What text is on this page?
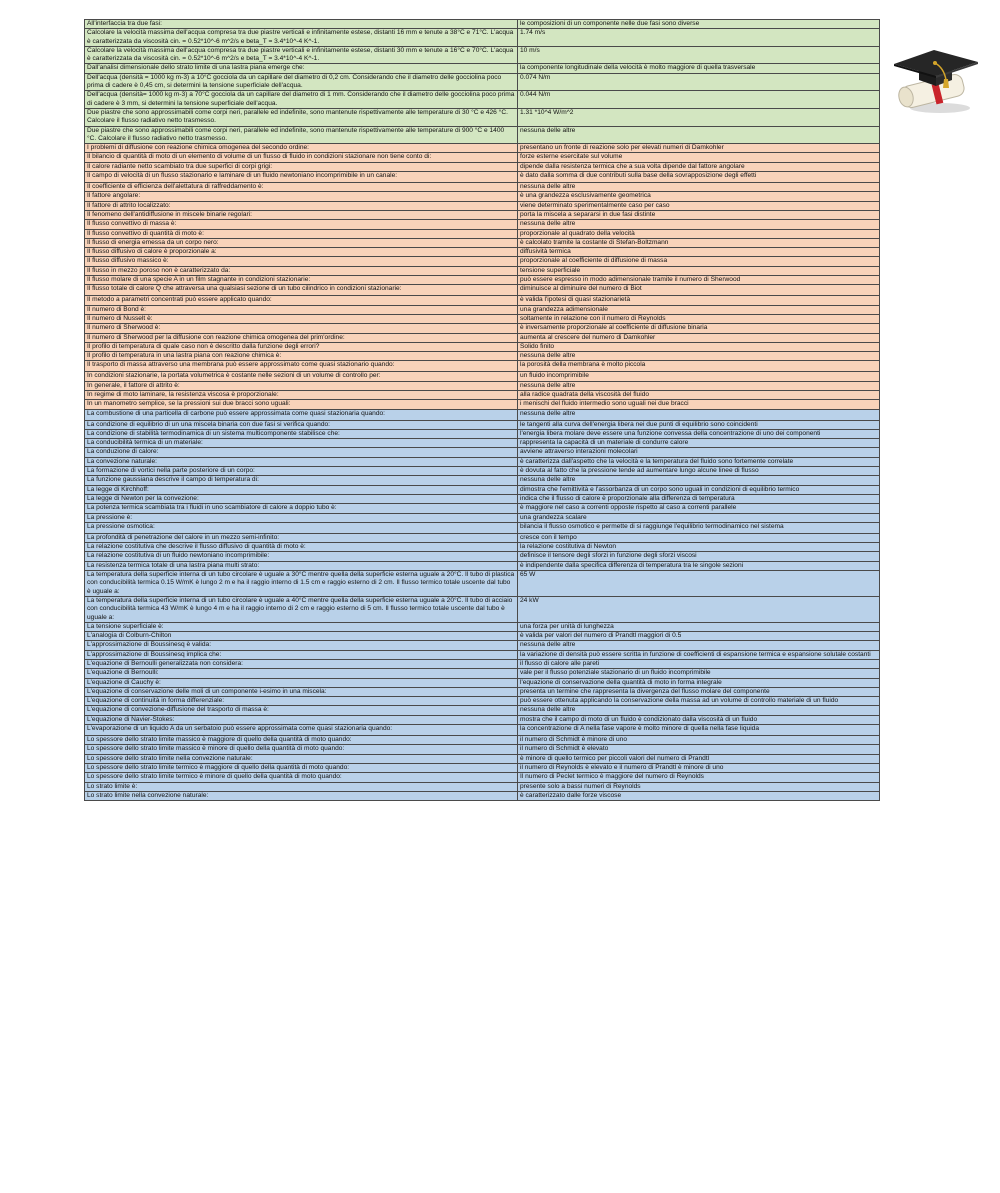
All'interfaccia tra due fasi:	le composizioni di un componente nelle due fasi sono diverse
Calcolare la velocità massima dell'acqua compresa tra due piastre verticali e infinitamente estese, distanti 16 mm e tenute a 38°C e 71°C. L'acqua è caratterizzata da viscosità cin. = 0.52*10^-6 m^2/s e beta_T = 3.4*10^-4 K^-1.	1.74 m/s
Calcolare la velocità massima dell'acqua compresa tra due piastre verticali e infinitamente estese, distanti 30 mm e tenute a 16°C e 70°C. L'acqua è caratterizzata da viscosità cin. = 0.52*10^-6 m^2/s e beta_T = 3.4*10^-4 K^-1.	10 m/s
Dall'analisi dimensionale dello strato limite di una lastra piana emerge che:	la componente longitudinale della velocità è molto maggiore di quella trasversale
Dell'acqua (densità = 1000 kg m-3) a 10°C gocciola da un capillare del diametro di 0,2 cm. Considerando che il diametro delle gocciolina poco prima di cadere è 0,45 cm, si determini la tensione superficiale dell'acqua.	0.074 N/m
Dell'acqua (densità= 1000 kg m-3) a 70°C gocciola da un capillare del diametro di 1 mm. Considerando che il diametro delle gocciolina poco prima di cadere è 3 mm, si determini la tensione superficiale dell'acqua.	0.044 N/m
Due piastre che sono approssimabili come corpi neri, parallele ed indefinite, sono mantenute rispettivamente alle temperature di 30 °C e 426 °C. Calcolare il flusso radiativo netto trasmesso.	1.31 *10^4 W/m^2
Due piastre che sono approssimabili come corpi neri, parallele ed indefinite, sono mantenute rispettivamente alle temperature di 900 °C e 1400 °C. Calcolare il flusso radiativo netto trasmesso.	nessuna delle altre
I problemi di diffusione con reazione chimica omogenea del secondo ordine:	presentano un fronte di reazione solo per elevati numeri di Damkohler
Il bilancio di quantità di moto di un elemento di volume di un flusso di fluido in condizioni stazionare non tiene conto di:	forze esterne esercitate sul volume
Il calore radiante netto scambiato tra due superfici di corpi grigi:	dipende dalla resistenza termica che a sua volta dipende dal fattore angolare
Il campo di velocità di un flusso stazionario e laminare di un fluido newtoniano incomprimibile in un canale:	è dato dalla somma di due contributi sulla base della sovrapposizione degli effetti
Il coefficiente di efficienza dell'alettatura di raffreddamento è:	nessuna delle altre
Il fattore angolare:	è una grandezza esclusivamente geometrica
Il fattore di attrito localizzato:	viene determinato sperimentalmente caso per caso
Il fenomeno dell'antidiffusione in miscele binarie regolari:	porta la miscela a separarsi in due fasi distinte
Il flusso convettivo di massa è:	nessuna delle altre
Il flusso convettivo di quantità di moto è:	proporzionale al quadrato della velocità
Il flusso di energia emessa da un corpo nero:	è calcolato tramite la costante di Stefan-Boltzmann
Il flusso diffusivo di calore è proporzionale a:	diffusività termica
Il flusso diffusivo massico è:	proporzionale al coefficiente di diffusione di massa
Il flusso in mezzo poroso non è caratterizzato da:	tensione superficiale
Il flusso molare di una specie A in un film stagnante in condizioni stazionarie:	può essere espresso in modo adimensionale tramite il numero di Sherwood
Il flusso totale di calore Q che attraversa una qualsiasi sezione di un tubo cilindrico in condizioni stazionarie:	diminuisce al diminuire del numero di Biot
Il metodo a parametri concentrati può essere applicato quando:	è valida l'ipotesi di quasi stazionarietà
Il numero di Bond è:	una grandezza adimensionale
Il numero di Nusselt è:	soltamente in relazione con il numero di Reynolds
Il numero di Sherwood è:	è inversamente proporzionale al coefficiente di diffusione binaria
Il numero di Sherwood per la diffusione con reazione chimica omogenea del prim'ordine:	aumenta al crescere del numero di Damkohler
Il profilo di temperatura di quale caso non è descritto dalla funzione degli errori?	Solido finito
Il profilo di temperatura in una lastra piana con reazione chimica è:	nessuna delle altre
Il trasporto di massa attraverso una membrana può essere approssimato come quasi stazionario quando:	la porosità della membrana è molto piccola
In condizioni stazionarie, la portata volumetrica è costante nelle sezioni di un volume di controllo per:	un fluido incomprimibile
In generale, il fattore di attrito è:	nessuna delle altre
In regime di moto laminare, la resistenza viscosa è proporzionale:	alla radice quadrata della viscosità del fluido
In un manometro semplice, se la pressioni sui due bracci sono uguali:	i menischi del fluido intermedio sono uguali nei due bracci
La combustione di una particella di carbone può essere approssimata come quasi stazionaria quando:	nessuna delle altre
La condizione di equilibrio di un una miscela binaria con due fasi si verifica quando:	le tangenti alla curva dell'energia libera nei due punti di equilibrio sono coincidenti
La condizione di stabilità termodinamica di un sistema multicomponente stabilisce che:	l'energia libera molare deve essere una funzione convessa della concentrazione di uno dei componenti
La conducibilità termica di un materiale:	rappresenta la capacità di un materiale di condurre calore
La conduzione di calore:	avviene attraverso interazioni molecolari
La convezione naturale:	è caratterizza dall'aspetto che la velocità e la temperatura del fluido sono fortemente correlate
La formazione di vortici nella parte posteriore di un corpo:	è dovuta al fatto che la pressione tende ad aumentare lungo alcune linee di flusso
La funzione gaussiana descrive il campo di temperatura di:	nessuna delle altre
La legge di Kirchhoff:	dimostra che l'emittività e l'assorbanza di un corpo sono uguali in condizioni di equilibrio termico
La legge di Newton per la convezione:	indica che il flusso di calore è proporzionale alla differenza di temperatura
La potenza termica scambiata tra i fluidi in uno scambiatore di calore a doppio tubo è:	è maggiore nel caso a correnti opposte rispetto al caso a correnti parallele
La pressione è:	una grandezza scalare
La pressione osmotica:	bilancia il flusso osmotico e permette di si raggiunge l'equilibrio termodinamico nel sistema
La profondità di penetrazione del calore in un mezzo semi-infinito:	cresce con il tempo
La relazione costitutiva che descrive il flusso diffusivo di quantità di moto è:	la relazione costitutiva di Newton
La relazione costitutiva di un fluido newtoniano incomprimibile:	definisce il tensore degli sforzi in funzione degli sforzi viscosi
La resistenza termica totale di una lastra piana multi strato:	è indipendente dalla specifica differenza di temperatura tra le singole sezioni
La temperatura della superficie interna di un tubo circolare è uguale a 30°C mentre quella della superficie esterna uguale a 20°C. Il tubo di plastica con conducibilità termica 0.15 W/mK è lungo 2 m e ha il raggio interno di 1.5 cm e raggio esterno di 2 cm. Il flusso termico totale uscente dal tubo è uguale a:	65 W
La temperatura della superficie interna di un tubo circolare è uguale a 40°C mentre quella della superficie esterna uguale a 20°C. Il tubo di acciaio con conducibilità termica 43 W/mK è lungo 4 m e ha il raggio interno di 2 cm e raggio esterno di 5 cm. Il flusso termico totale uscente dal tubo è uguale a:	24 kW
La tensione superficiale è:	una forza per unità di lunghezza
L'analogia di Colburn-Chilton	è valida per valori del numero di Prandtl maggiori di 0.5
L'approssimazione di Boussinesq è valida:	nessuna delle altre
L'approssimazione di Boussinesq implica che:	la variazione di densità può essere scritta in funzione di coefficienti di espansione termica e espansione solutale costanti
L'equazione di Bernoulli generalizzata non considera:	il flusso di calore alle pareti
L'equazione di Bernoulli:	vale per il flusso potenziale stazionario di un fluido incomprimibile
L'equazione di Cauchy è:	l'equazione di conservazione della quantità di moto in forma integrale
L'equazione di conservazione delle moli di un componente i-esimo in una miscela:	presenta un termine che rappresenta la divergenza del flusso molare del componente
L'equazione di continuità in forma differenziale:	può essere ottenuta applicando la conservazione della massa ad un volume di controllo materiale di un fluido
L'equazione di convezione-diffusione del trasporto di massa è:	nessuna delle altre
L'equazione di Navier-Stokes:	mostra che il campo di moto di un fluido è condizionato dalla viscosità di un fluido
L'evaporazione di un liquido A da un serbatoio può essere approssimata come quasi stazionaria quando:	la concentrazione di A nella fase vapore è molto minore di quella nella fase liquida
Lo spessore dello strato limite massico è maggiore di quello della quantità di moto quando:	il numero di Schmidt è minore di uno
Lo spessore dello strato limite massico è minore di quello della quantità di moto quando:	il numero di Schmidt è elevato
Lo spessore dello strato limite nella convezione naturale:	è minore di quello termico per piccoli valori del numero di Prandtl
Lo spessore dello strato limite termico è maggiore di quello della quantità di moto quando:	il numero di Reynolds è elevato e il numero di Prandtl è minore di uno
Lo spessore dello strato limite termico è minore di quello della quantità di moto quando:	Il numero di Peclet termico è maggiore del numero di Reynolds
Lo strato limite è:	presente solo a bassi numeri di Reynolds
Lo strato limite nella convezione naturale:	è caratterizzato dalle forze viscose
